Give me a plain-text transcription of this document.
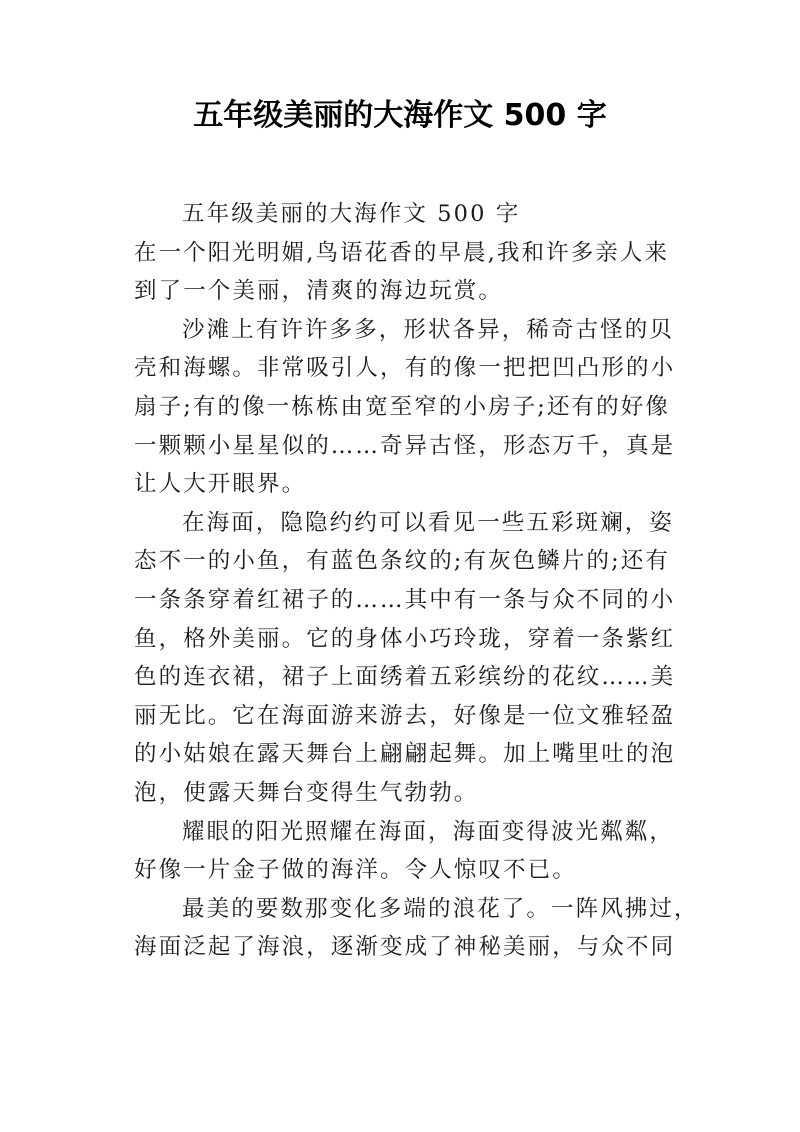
五年级美丽的大海作文 500 字
五年级美丽的大海作文 500 字
在一个阳光明媚,鸟语花香的早晨,我和许多亲人来
到了一个美丽，清爽的海边玩赏。
沙滩上有许许多多，形状各异，稀奇古怪的贝
壳和海螺。非常吸引人，有的像一把把凹凸形的小
扇子;有的像一栋栋由宽至窄的小房子;还有的好像
一颗颗小星星似的……奇异古怪，形态万千，真是
让人大开眼界。
在海面，隐隐约约可以看见一些五彩斑斓，姿
态不一的小鱼，有蓝色条纹的;有灰色鳞片的;还有
一条条穿着红裙子的……其中有一条与众不同的小
鱼，格外美丽。它的身体小巧玲珑，穿着一条紫红
色的连衣裙，裙子上面绣着五彩缤纷的花纹……美
丽无比。它在海面游来游去，好像是一位文雅轻盈
的小姑娘在露天舞台上翩翩起舞。加上嘴里吐的泡
泡，使露天舞台变得生气勃勃。
耀眼的阳光照耀在海面，海面变得波光粼粼，
好像一片金子做的海洋。令人惊叹不已。
最美的要数那变化多端的浪花了。一阵风拂过，
海面泛起了海浪，逐渐变成了神秘美丽，与众不同
